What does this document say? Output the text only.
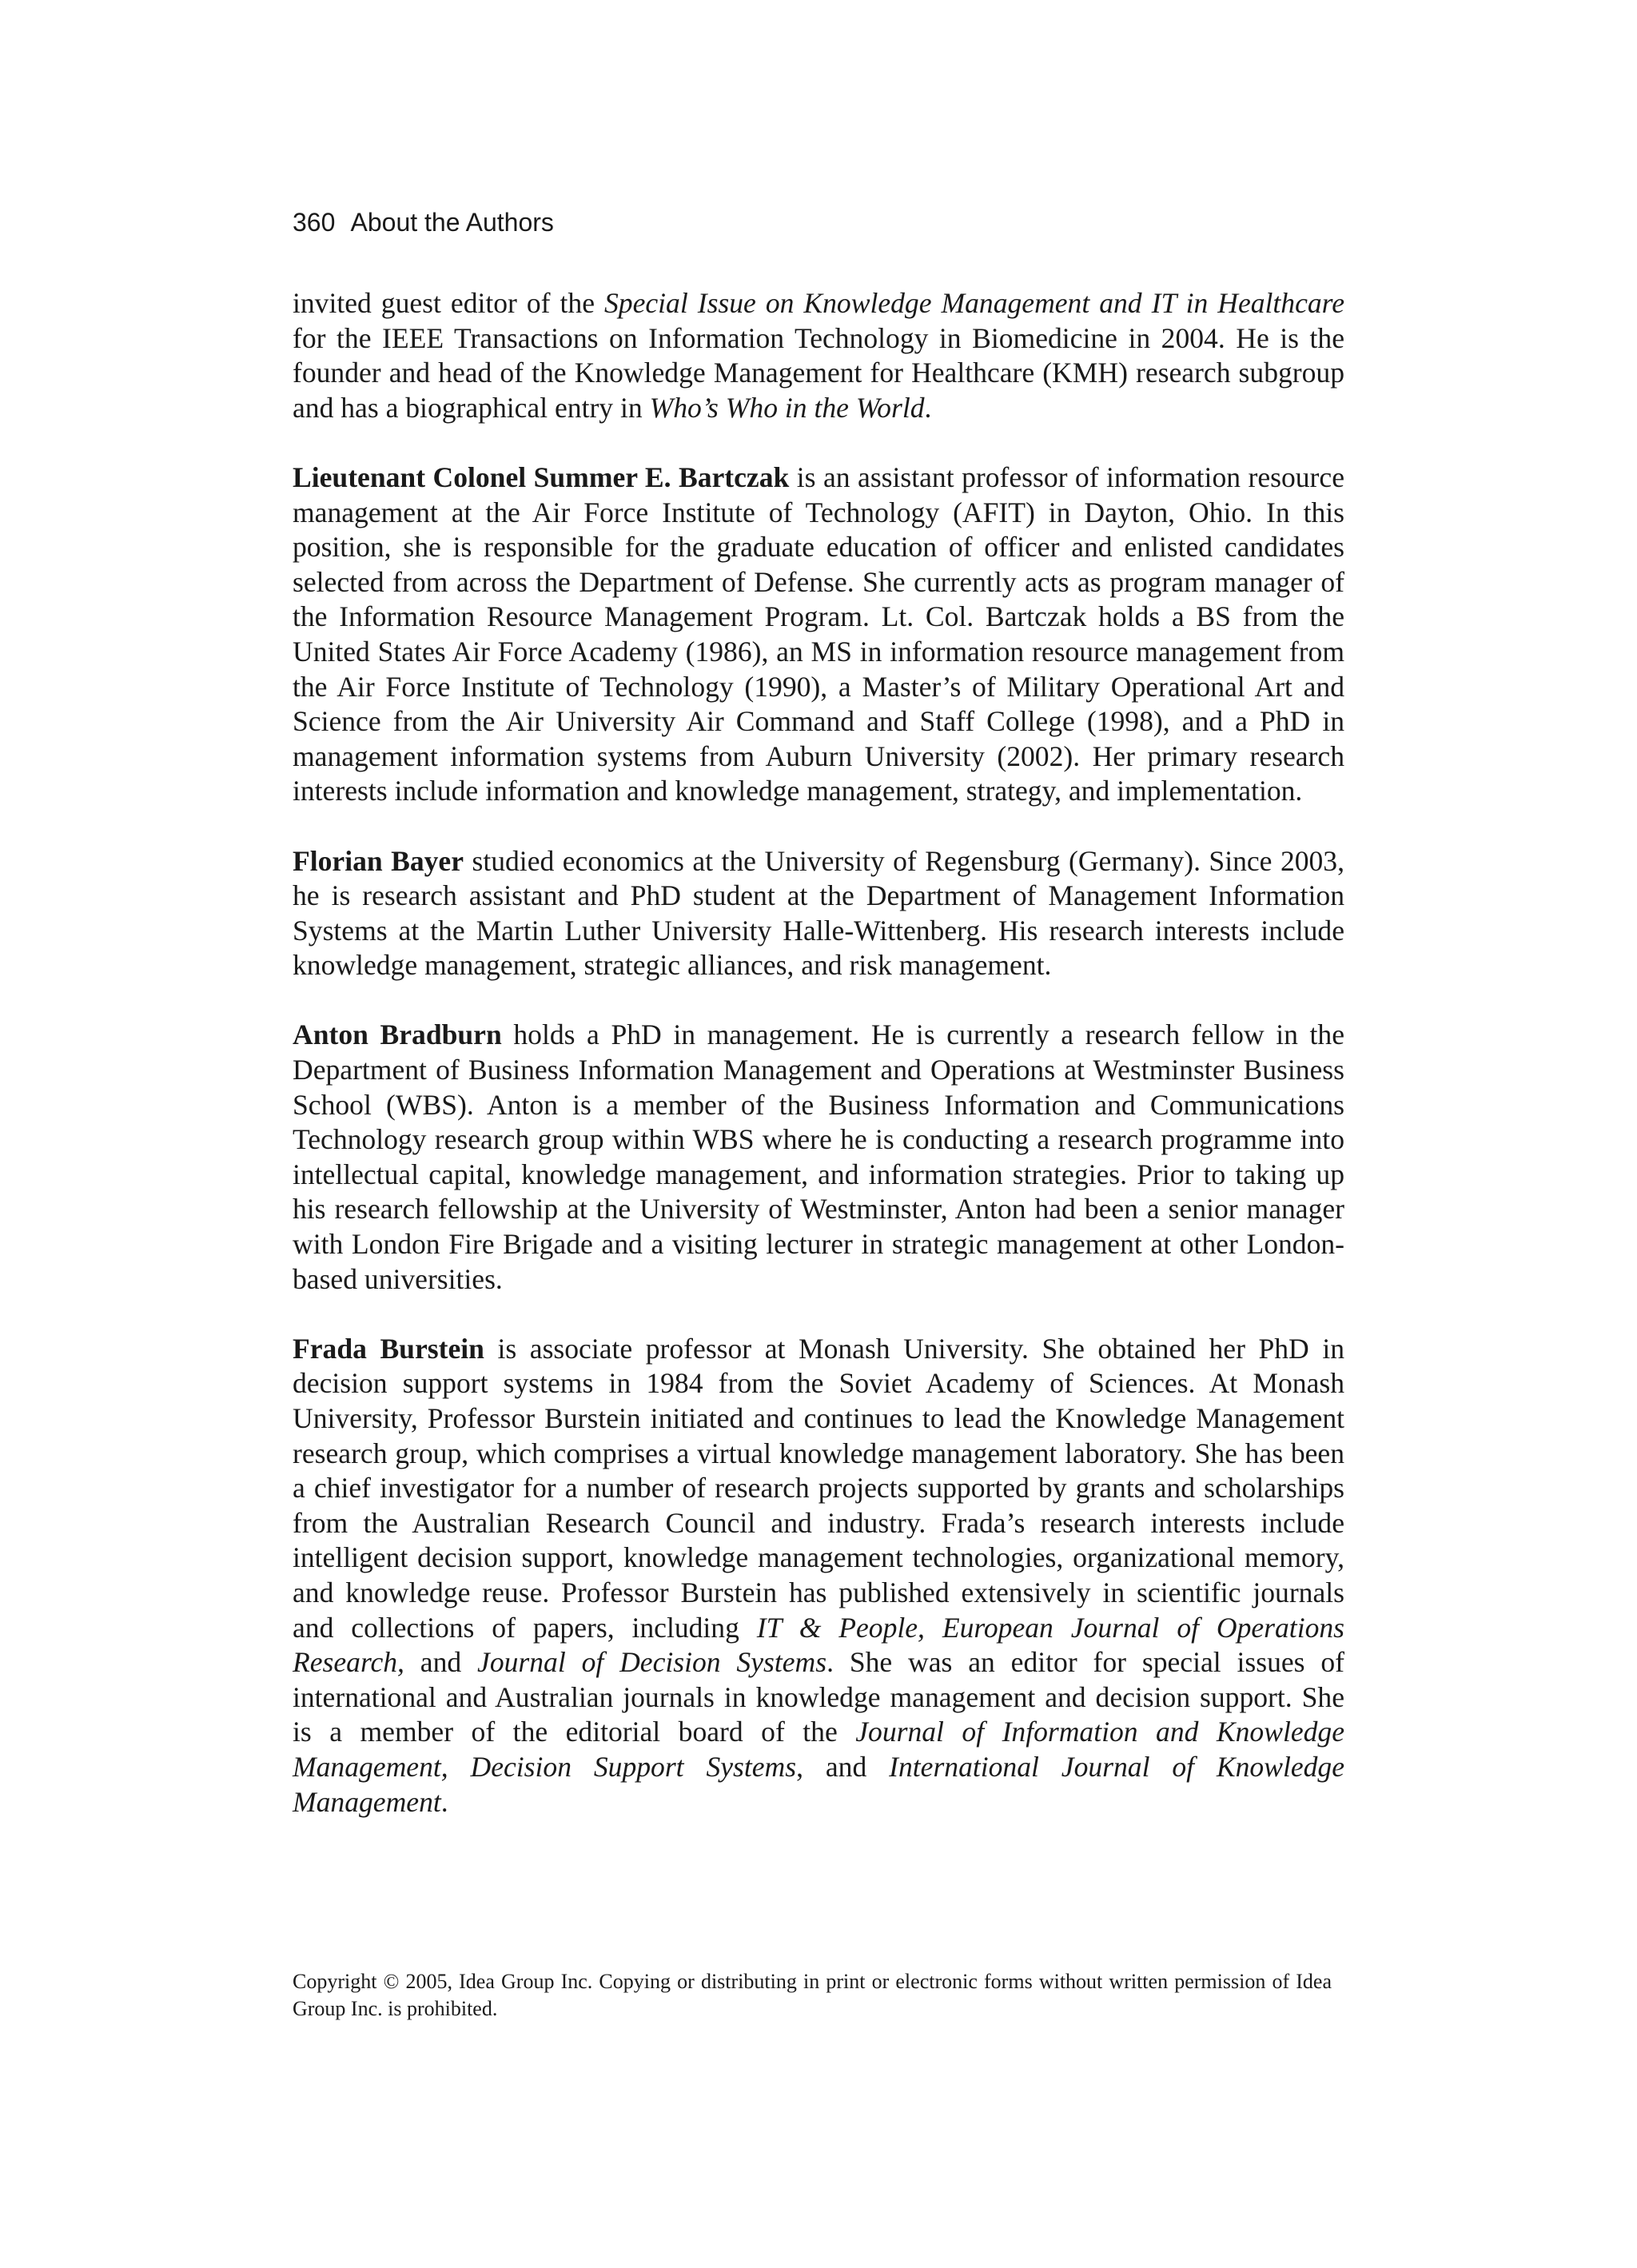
360 About the Authors

invited guest editor of the Special Issue on Knowledge Management and IT in Healthcare for the IEEE Transactions on Information Technology in Biomedicine in 2004. He is the founder and head of the Knowledge Management for Healthcare (KMH) research subgroup and has a biographical entry in Who’s Who in the World.

Lieutenant Colonel Summer E. Bartczak is an assistant professor of information resource management at the Air Force Institute of Technology (AFIT) in Dayton, Ohio. In this position, she is responsible for the graduate education of officer and enlisted candidates selected from across the Department of Defense. She currently acts as program manager of the Information Resource Management Program. Lt. Col. Bartczak holds a BS from the United States Air Force Academy (1986), an MS in information resource management from the Air Force Institute of Technology (1990), a Master’s of Military Operational Art and Science from the Air University Air Command and Staff College (1998), and a PhD in management information systems from Auburn University (2002). Her primary research interests include information and knowledge management, strategy, and implementation.

Florian Bayer studied economics at the University of Regensburg (Germany). Since 2003, he is research assistant and PhD student at the Department of Management Information Systems at the Martin Luther University Halle-Wittenberg. His research interests include knowledge management, strategic alliances, and risk management.

Anton Bradburn holds a PhD in management. He is currently a research fellow in the Department of Business Information Management and Operations at Westminster Business School (WBS). Anton is a member of the Business Information and Communications Technology research group within WBS where he is conducting a research programme into intellectual capital, knowledge management, and information strategies. Prior to taking up his research fellowship at the University of Westminster, Anton had been a senior manager with London Fire Brigade and a visiting lecturer in strategic management at other London-based universities.

Frada Burstein is associate professor at Monash University. She obtained her PhD in decision support systems in 1984 from the Soviet Academy of Sciences. At Monash University, Professor Burstein initiated and continues to lead the Knowledge Management research group, which comprises a virtual knowledge management laboratory. She has been a chief investigator for a number of research projects supported by grants and scholarships from the Australian Research Council and industry. Frada’s research interests include intelligent decision support, knowledge management technologies, organizational memory, and knowledge reuse. Professor Burstein has published extensively in scientific journals and collections of papers, including IT & People, European Journal of Operations Research, and Journal of Decision Systems. She was an editor for special issues of international and Australian journals in knowledge management and decision support. She is a member of the editorial board of the Journal of Information and Knowledge Management, Decision Support Systems, and International Journal of Knowledge Management.

Copyright © 2005, Idea Group Inc. Copying or distributing in print or electronic forms without written permission of Idea Group Inc. is prohibited.
